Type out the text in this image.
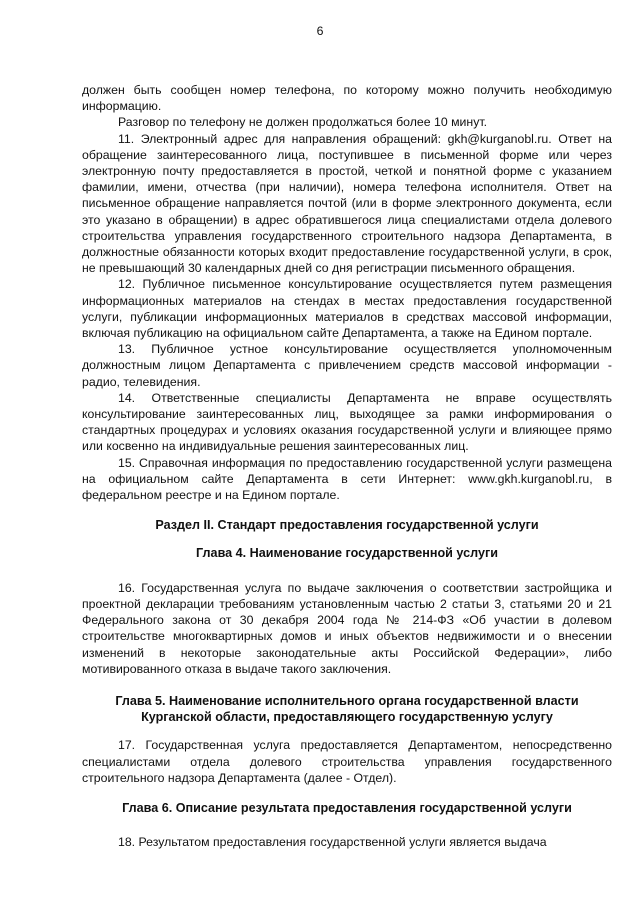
6

должен быть сообщен номер телефона, по которому можно получить необходимую информацию.

Разговор по телефону не должен продолжаться более 10 минут.

11. Электронный адрес для направления обращений: gkh@kurganobl.ru. Ответ на обращение заинтересованного лица, поступившее в письменной форме или через электронную почту предоставляется в простой, четкой и понятной форме с указанием фамилии, имени, отчества (при наличии), номера телефона исполнителя. Ответ на письменное обращение направляется почтой (или в форме электронного документа, если это указано в обращении) в адрес обратившегося лица специалистами отдела долевого строительства управления государственного строительного надзора Департамента, в должностные обязанности которых входит предоставление государственной услуги, в срок, не превышающий 30 календарных дней со дня регистрации письменного обращения.

12. Публичное письменное консультирование осуществляется путем размещения информационных материалов на стендах в местах предоставления государственной услуги, публикации информационных материалов в средствах массовой информации, включая публикацию на официальном сайте Департамента, а также на Едином портале.

13. Публичное устное консультирование осуществляется уполномоченным должностным лицом Департамента с привлечением средств массовой информации - радио, телевидения.

14. Ответственные специалисты Департамента не вправе осуществлять консультирование заинтересованных лиц, выходящее за рамки информирования о стандартных процедурах и условиях оказания государственной услуги и влияющее прямо или косвенно на индивидуальные решения заинтересованных лиц.

15. Справочная информация по предоставлению государственной услуги размещена на официальном сайте Департамента в сети Интернет: www.gkh.kurganobl.ru, в федеральном реестре и на Едином портале.

Раздел II. Стандарт предоставления государственной услуги
Глава 4. Наименование государственной услуги

16. Государственная услуга по выдаче заключения о соответствии застройщика и проектной декларации требованиям установленным частью 2 статьи 3, статьями 20 и 21 Федерального закона от 30 декабря 2004 года № 214-ФЗ «Об участии в долевом строительстве многоквартирных домов и иных объектов недвижимости и о внесении изменений в некоторые законодательные акты Российской Федерации», либо мотивированного отказа в выдаче такого заключения.

Глава 5. Наименование исполнительного органа государственной власти
Курганской области, предоставляющего государственную услугу

17. Государственная услуга предоставляется Департаментом, непосредственно специалистами отдела долевого строительства управления государственного строительного надзора Департамента (далее - Отдел).

Глава 6. Описание результата предоставления государственной услуги

18. Результатом предоставления государственной услуги является выдача
